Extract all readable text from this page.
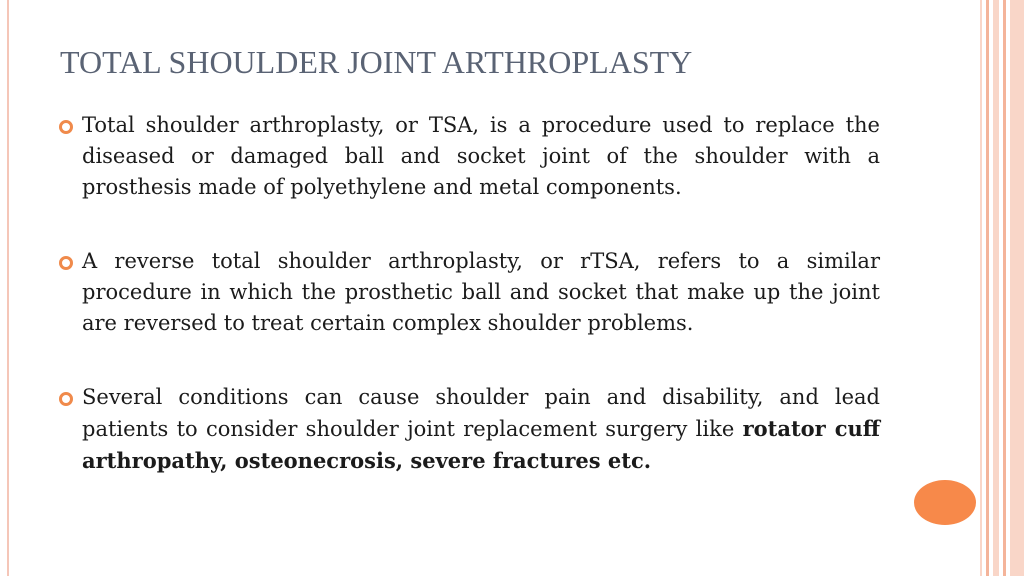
TOTAL SHOULDER JOINT ARTHROPLASTY
Total shoulder arthroplasty, or TSA, is a procedure used to replace the diseased or damaged ball and socket joint of the shoulder with a prosthesis made of polyethylene and metal components.
A reverse total shoulder arthroplasty, or rTSA, refers to a similar procedure in which the prosthetic ball and socket that make up the joint are reversed to treat certain complex shoulder problems.
Several conditions can cause shoulder pain and disability, and lead patients to consider shoulder joint replacement surgery like rotator cuff arthropathy, osteonecrosis, severe fractures etc.
